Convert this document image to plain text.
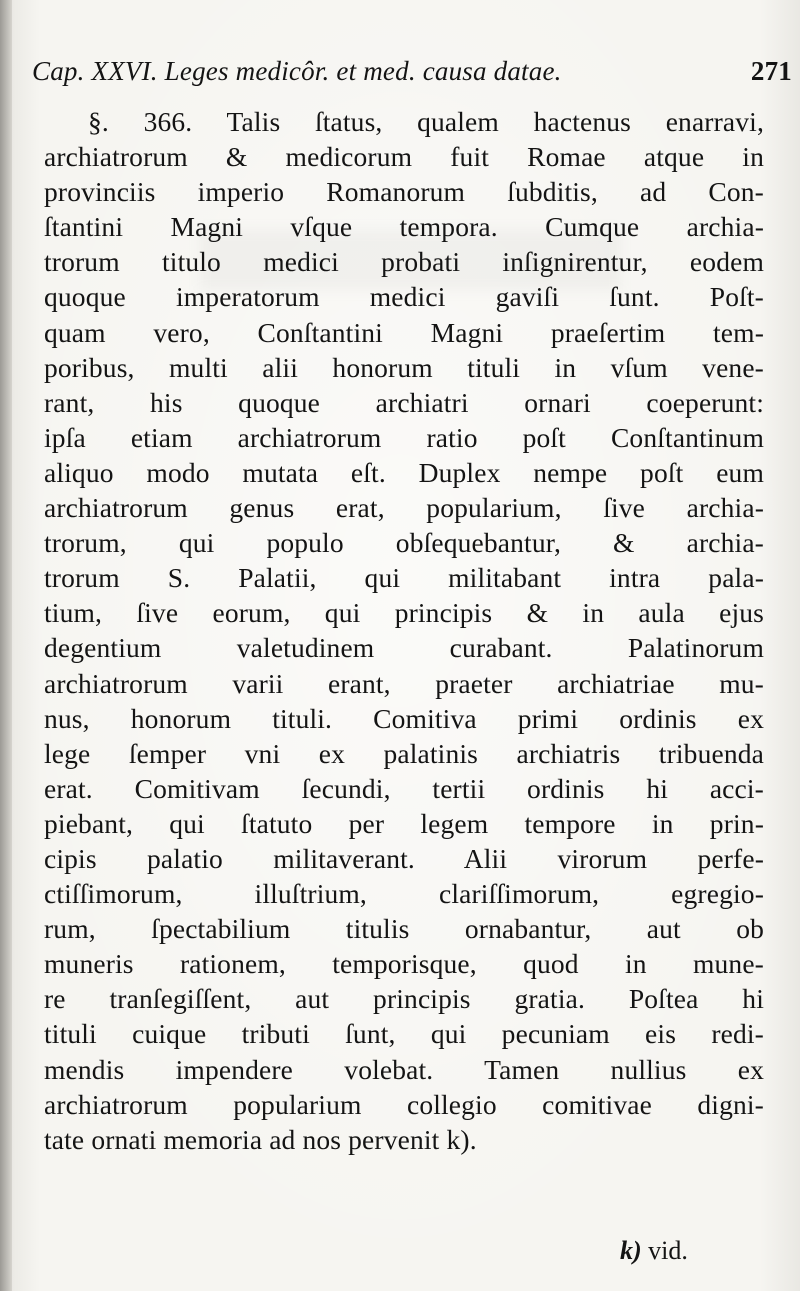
Cap. XXVI. Leges medicôr. et med. causa datae.	271
§. 366. Talis ſtatus, qualem hactenus enarravi,
archiatrorum & medicorum fuit Romae atque in
provinciis imperio Romanorum ſubditis, ad Con-
ſtantini Magni vſque tempora. Cumque archia-
trorum titulo medici probati inſignirentur, eodem
quoque imperatorum medici gaviſi ſunt. Poſt-
quam vero, Conſtantini Magni praeſertim tem-
poribus, multi alii honorum tituli in vſum vene-
rant, his quoque archiatri ornari coeperunt:
ipſa etiam archiatrorum ratio poſt Conſtantinum
aliquo modo mutata eſt. Duplex nempe poſt eum
archiatrorum genus erat, popularium, ſive archia-
trorum, qui populo obſequebantur, & archia-
trorum S. Palatii, qui militabant intra pala-
tium, ſive eorum, qui principis & in aula ejus
degentium valetudinem curabant. Palatinorum
archiatrorum varii erant, praeter archiatriae mu-
nus, honorum tituli. Comitiva primi ordinis ex
lege ſemper vni ex palatinis archiatris tribuenda
erat. Comitivam ſecundi, tertii ordinis hi acci-
piebant, qui ſtatuto per legem tempore in prin-
cipis palatio militaverant. Alii virorum perfe-
ctiſſimorum, illuſtrium, clariſſimorum, egregio-
rum, ſpectabilium titulis ornabantur, aut ob
muneris rationem, temporisque, quod in mune-
re tranſegiſſent, aut principis gratia. Poſtea hi
tituli cuique tributi ſunt, qui pecuniam eis redi-
mendis impendere volebat. Tamen nullius ex
archiatrorum popularium collegio comitivae digni-
tate ornati memoria ad nos pervenit k).
k) vid.
